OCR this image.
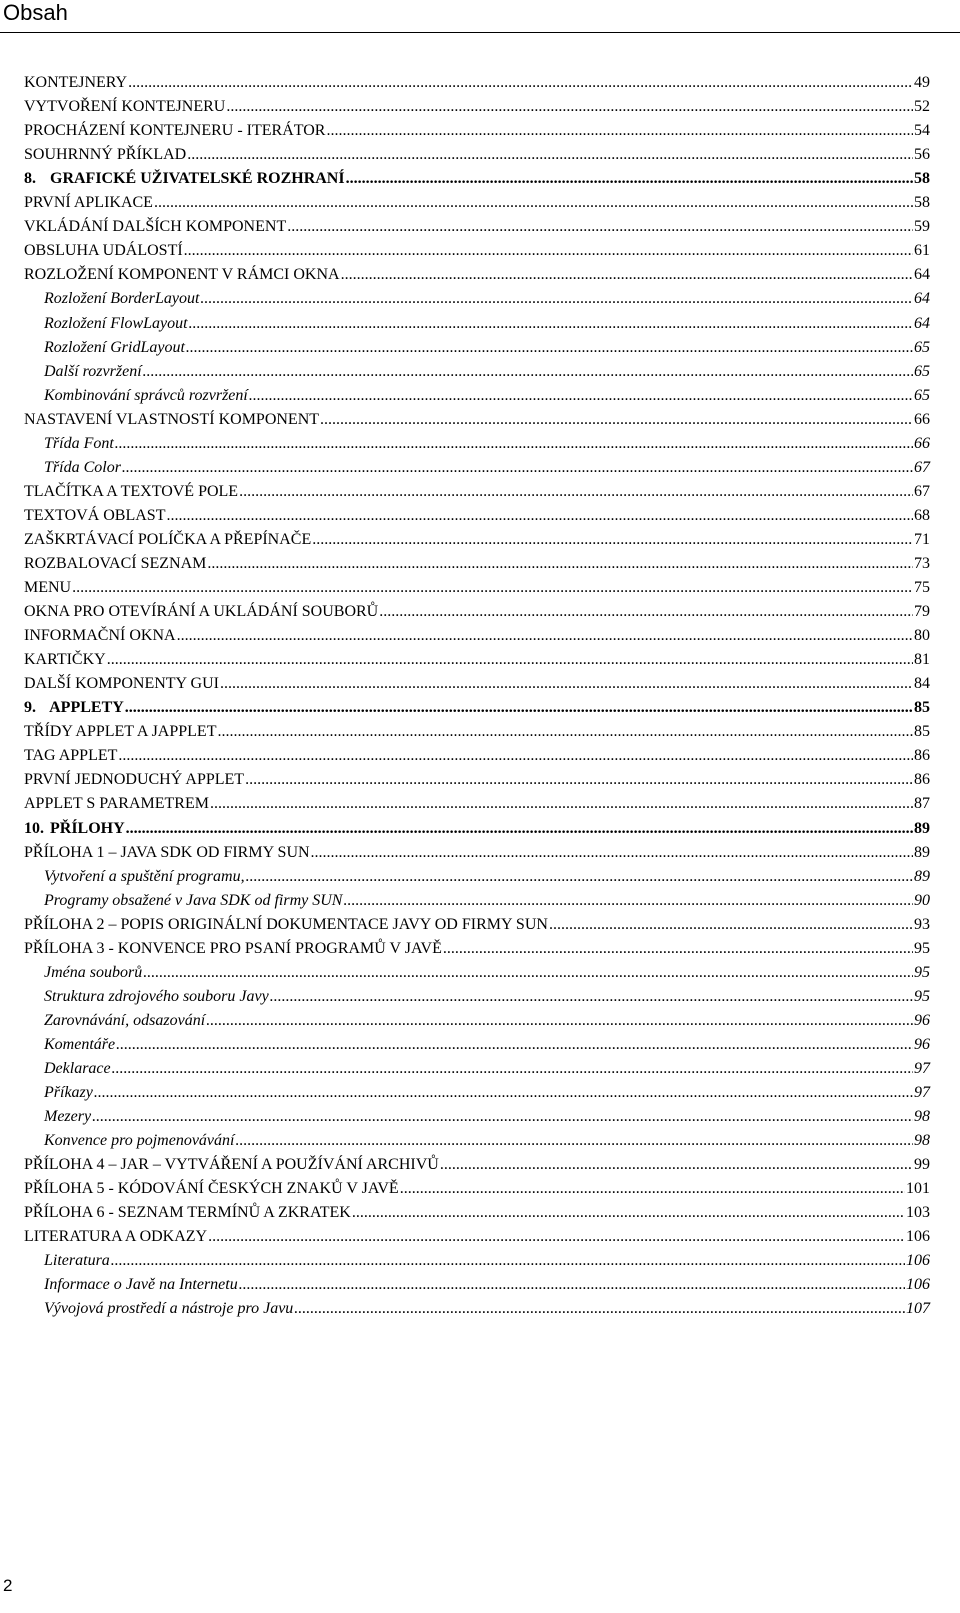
Obsah
KONTEJNERY .....	49
VYTVOŘENÍ KONTEJNERU .....	52
PROCHÁZENÍ KONTEJNERU - ITERÁTOR .....	54
SOUHRNNÝ PŘÍKLAD .....	56
8. GRAFICKÉ UŽIVATELSKÉ ROZHRANÍ .....	58
PRVNÍ APLIKACE .....	58
VKLÁDÁNÍ DALŠÍCH KOMPONENT .....	59
OBSLUHA UDÁLOSTÍ .....	61
ROZLOŽENÍ KOMPONENT V RÁMCI OKNA .....	64
Rozložení BorderLayout .....	64
Rozložení FlowLayout .....	64
Rozložení GridLayout .....	65
Další rozvržení .....	65
Kombinování správců rozvržení .....	65
NASTAVENÍ VLASTNOSTÍ KOMPONENT .....	66
Třída Font .....	66
Třída Color .....	67
TLAČÍTKA A TEXTOVÉ POLE .....	67
TEXTOVÁ OBLAST .....	68
ZAŠKRTÁVACÍ POLÍČKA A PŘEPÍNAČE .....	71
ROZBALOVACÍ SEZNAM .....	73
MENU .....	75
OKNA PRO OTEVÍRÁNÍ A UKLÁDÁNÍ SOUBORŮ .....	79
INFORMAČNÍ OKNA .....	80
KARTIČKY .....	81
DALŠÍ KOMPONENTY GUI .....	84
9. APPLETY .....	85
TŘÍDY APPLET A JAPPLET .....	85
TAG APPLET .....	86
PRVNÍ JEDNODUCHÝ APPLET .....	86
APPLET S PARAMETREM .....	87
10. PŘÍLOHY .....	89
PŘÍLOHA 1 – JAVA SDK OD FIRMY SUN .....	89
Vytvoření a spuštění programu, .....	89
Programy obsažené v Java SDK od firmy SUN .....	90
PŘÍLOHA 2 – POPIS ORIGINÁLNÍ DOKUMENTACE JAVY OD FIRMY SUN .....	93
PŘÍLOHA 3 - KONVENCE PRO PSANÍ PROGRAMŮ V JAVĚ .....	95
Jména souborů .....	95
Struktura zdrojového souboru Javy .....	95
Zarovnávání, odsazování .....	96
Komentáře .....	96
Deklarace .....	97
Příkazy .....	97
Mezery .....	98
Konvence pro pojmenovávání .....	98
PŘÍLOHA 4 – JAR – VYTVÁŘENÍ A POUŽÍVÁNÍ ARCHIVŮ .....	99
PŘÍLOHA 5 - KÓDOVÁNÍ ČESKÝCH ZNAKŮ V JAVĚ .....	101
PŘÍLOHA 6 - SEZNAM TERMÍNŮ A ZKRATEK .....	103
LITERATURA A ODKAZY .....	106
Literatura .....	106
Informace o Javě na Internetu .....	106
Vývojová prostředí a nástroje pro Javu .....	107
2
